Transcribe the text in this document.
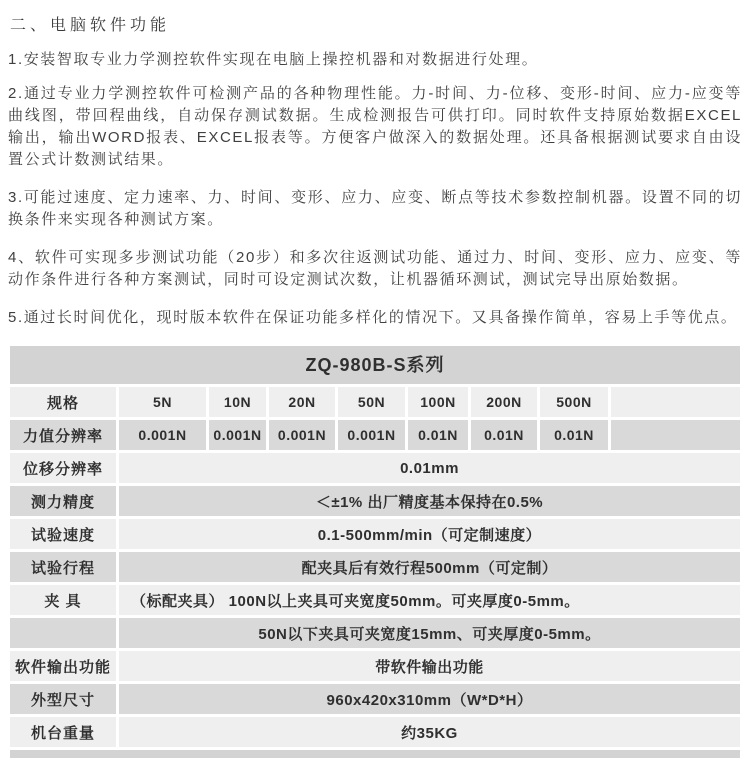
二、电脑软件功能

1.安装智取专业力学测控软件实现在电脑上操控机器和对数据进行处理。

2.通过专业力学测控软件可检测产品的各种物理性能。力-时间、力-位移、变形-时间、应力-应变等曲线图，带回程曲线，自动保存测试数据。生成检测报告可供打印。同时软件支持原始数据EXCEL输出，输出WORD报表、EXCEL报表等。方便客户做深入的数据处理。还具备根据测试要求自由设置公式计数测试结果。

3.可能过速度、定力速率、力、时间、变形、应力、应变、断点等技术参数控制机器。设置不同的切换条件来实现各种测试方案。

4、软件可实现多步测试功能（20步）和多次往返测试功能、通过力、时间、变形、应力、应变、等动作条件进行各种方案测试，同时可设定测试次数，让机器循环测试，测试完导出原始数据。

5.通过长时间优化，现时版本软件在保证功能多样化的情况下。又具备操作简单，容易上手等优点。

ZQ-980B-S系列
规格	5N	10N	20N	50N	100N	200N	500N
力值分辨率	0.001N	0.001N	0.001N	0.001N	0.01N	0.01N	0.01N
位移分辨率	0.01mm
测力精度	＜±1% 出厂精度基本保持在0.5%
试验速度	0.1-500mm/min（可定制速度）
试验行程	配夹具后有效行程500mm（可定制）
夹 具	（标配夹具） 100N以上夹具可夹宽度50mm。可夹厚度0-5mm。
50N以下夹具可夹宽度15mm、可夹厚度0-5mm。
软件输出功能	带软件输出功能
外型尺寸	960x420x310mm（W*D*H）
机台重量	约35KG
